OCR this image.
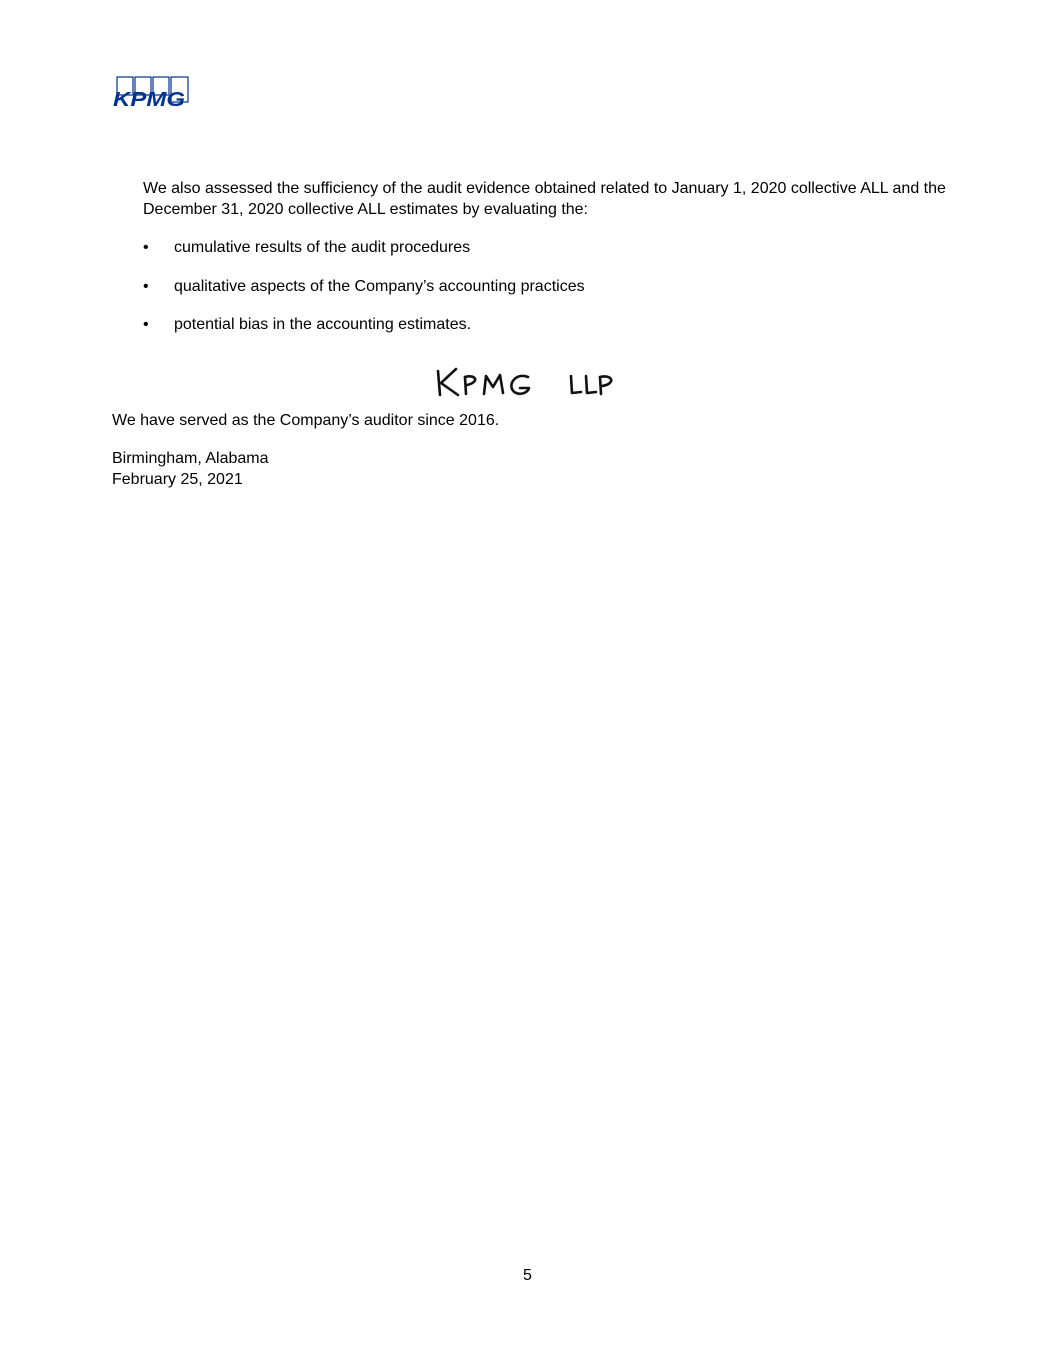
KPMG

We also assessed the sufficiency of the audit evidence obtained related to January 1, 2020 collective ALL and the December 31, 2020 collective ALL estimates by evaluating the:

• cumulative results of the audit procedures
• qualitative aspects of the Company’s accounting practices
• potential bias in the accounting estimates.

We have served as the Company’s auditor since 2016.

Birmingham, Alabama

February 25, 2021

5
